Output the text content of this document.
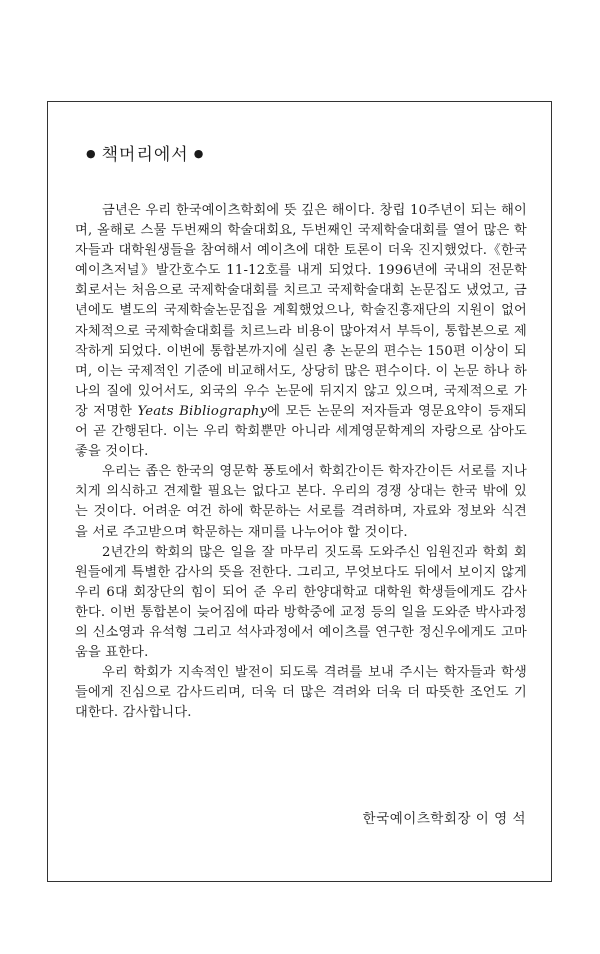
● 책머리에서 ●

금년은 우리 한국예이츠학회에 뜻 깊은 해이다. 창립 10주년이 되는 해이며, 올해로 스물 두번째의 학술대회요, 두번째인 국제학술대회를 열어 많은 학자들과 대학원생들을 참여해서 예이츠에 대한 토론이 더욱 진지했었다.《한국예이츠저널》발간호수도 11-12호를 내게 되었다. 1996년에 국내의 전문학회로서는 처음으로 국제학술대회를 치르고 국제학술대회 논문집도 냈었고, 금년에도 별도의 국제학술논문집을 계획했었으나, 학술진흥재단의 지원이 없어 자체적으로 국제학술대회를 치르느라 비용이 많아져서 부득이, 통합본으로 제작하게 되었다. 이번에 통합본까지에 실린 총 논문의 편수는 150편 이상이 되며, 이는 국제적인 기준에 비교해서도, 상당히 많은 편수이다. 이 논문 하나 하나의 질에 있어서도, 외국의 우수 논문에 뒤지지 않고 있으며, 국제적으로 가장 저명한 Yeats Bibliography에 모든 논문의 저자들과 영문요약이 등재되어 곧 간행된다. 이는 우리 학회뿐만 아니라 세계영문학계의 자랑으로 삼아도 좋을 것이다.

우리는 좁은 한국의 영문학 풍토에서 학회간이든 학자간이든 서로를 지나치게 의식하고 견제할 필요는 없다고 본다. 우리의 경쟁 상대는 한국 밖에 있는 것이다. 어려운 여건 하에 학문하는 서로를 격려하며, 자료와 정보와 식견을 서로 주고받으며 학문하는 재미를 나누어야 할 것이다.

2년간의 학회의 많은 일을 잘 마무리 짓도록 도와주신 임원진과 학회 회원들에게 특별한 감사의 뜻을 전한다. 그리고, 무엇보다도 뒤에서 보이지 않게 우리 6대 회장단의 힘이 되어 준 우리 한양대학교 대학원 학생들에게도 감사한다. 이번 통합본이 늦어짐에 따라 방학중에 교정 등의 일을 도와준 박사과정의 신소영과 유석형 그리고 석사과정에서 예이츠를 연구한 정신우에게도 고마움을 표한다.

우리 학회가 지속적인 발전이 되도록 격려를 보내 주시는 학자들과 학생들에게 진심으로 감사드리며, 더욱 더 많은 격려와 더욱 더 따뜻한 조언도 기대한다. 감사합니다.

한국예이츠학회장 이 영 석
